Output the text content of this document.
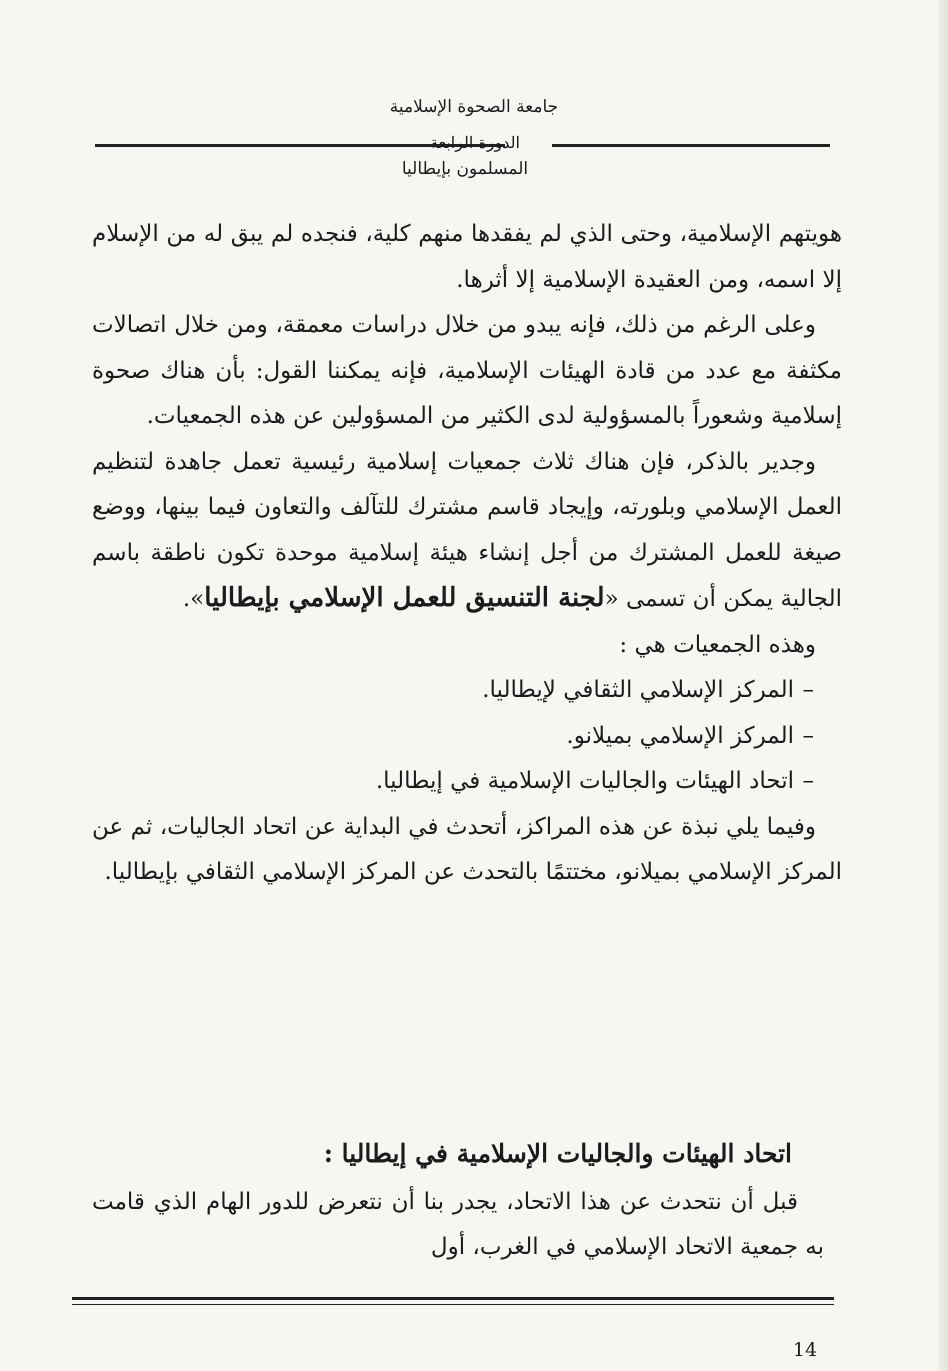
جامعة الصحوة الإسلامية
الدورة الرابعة
المسلمون بإيطاليا

هويتهم الإسلامية، وحتى الذي لم يفقدها منهم كلية، فنجده لم يبق له من الإسلام إلا اسمه، ومن العقيدة الإسلامية إلا أثرها.

وعلى الرغم من ذلك، فإنه يبدو من خلال دراسات معمقة، ومن خلال اتصالات مكثفة مع عدد من قادة الهيئات الإسلامية، فإنه يمكننا القول: بأن هناك صحوة إسلامية وشعوراً بالمسؤولية لدى الكثير من المسؤولين عن هذه الجمعيات.

وجدير بالذكر، فإن هناك ثلاث جمعيات إسلامية رئيسية تعمل جاهدة لتنظيم العمل الإسلامي وبلورته، وإيجاد قاسم مشترك للتآلف والتعاون فيما بينها، ووضع صيغة للعمل المشترك من أجل إنشاء هيئة إسلامية موحدة تكون ناطقة باسم الجالية يمكن أن تسمى «لجنة التنسيق للعمل الإسلامي بإيطاليا».

وهذه الجمعيات هي :

–
المركز الإسلامي الثقافي لإيطاليا.

–
المركز الإسلامي بميلانو.

–
اتحاد الهيئات والجاليات الإسلامية في إيطاليا.

وفيما يلي نبذة عن هذه المراكز، أتحدث في البداية عن اتحاد الجاليات، ثم عن المركز الإسلامي بميلانو، مختتمًا بالتحدث عن المركز الإسلامي الثقافي بإيطاليا.

اتحاد الهيئات والجاليات الإسلامية في إيطاليا :

قبل أن نتحدث عن هذا الاتحاد، يجدر بنا أن نتعرض للدور الهام الذي قامت به جمعية الاتحاد الإسلامي في الغرب، أول

14
